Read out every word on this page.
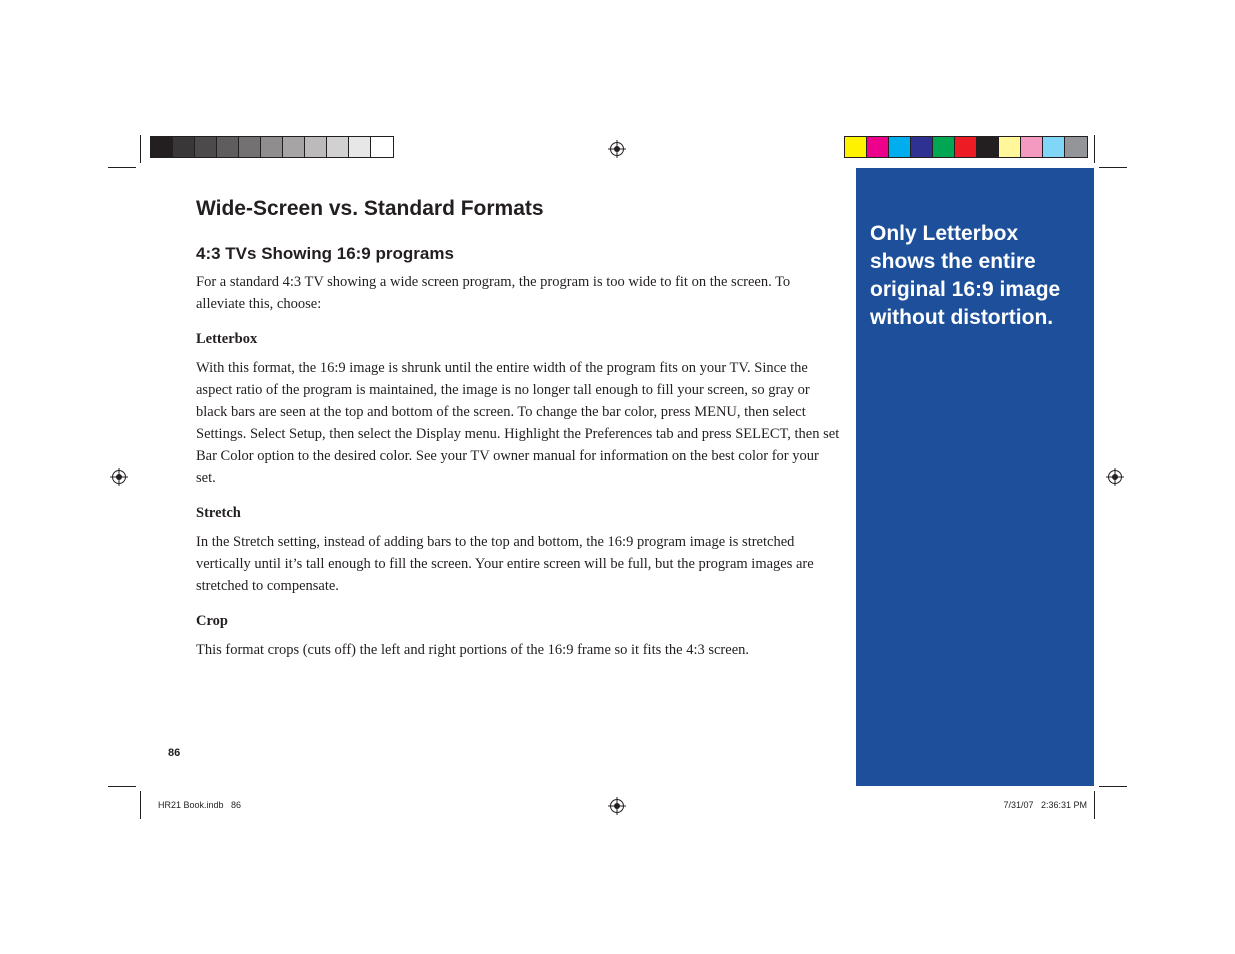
Only Letterbox shows the entire original 16:9 image without distortion.

Wide-Screen vs. Standard Formats
4:3 TVs Showing 16:9 programs

For a standard 4:3 TV showing a wide screen program, the program is too wide to fit on the screen. To alleviate this, choose:

Letterbox

With this format, the 16:9 image is shrunk until the entire width of the program fits on your TV. Since the aspect ratio of the program is maintained, the image is no longer tall enough to fill your screen, so gray or black bars are seen at the top and bottom of the screen. To change the bar color, press MENU, then select Settings. Select Setup, then select the Display menu. Highlight the Preferences tab and press SELECT, then set Bar Color option to the desired color. See your TV owner manual for information on the best color for your set.

Stretch

In the Stretch setting, instead of adding bars to the top and bottom, the 16:9 program image is stretched vertically until it’s tall enough to fill the screen. Your entire screen will be full, but the program images are stretched to compensate.

Crop

This format crops (cuts off) the left and right portions of the 16:9 frame so it fits the 4:3 screen.

86
HR21 Book.indb   86	7/31/07   2:36:31 PM
